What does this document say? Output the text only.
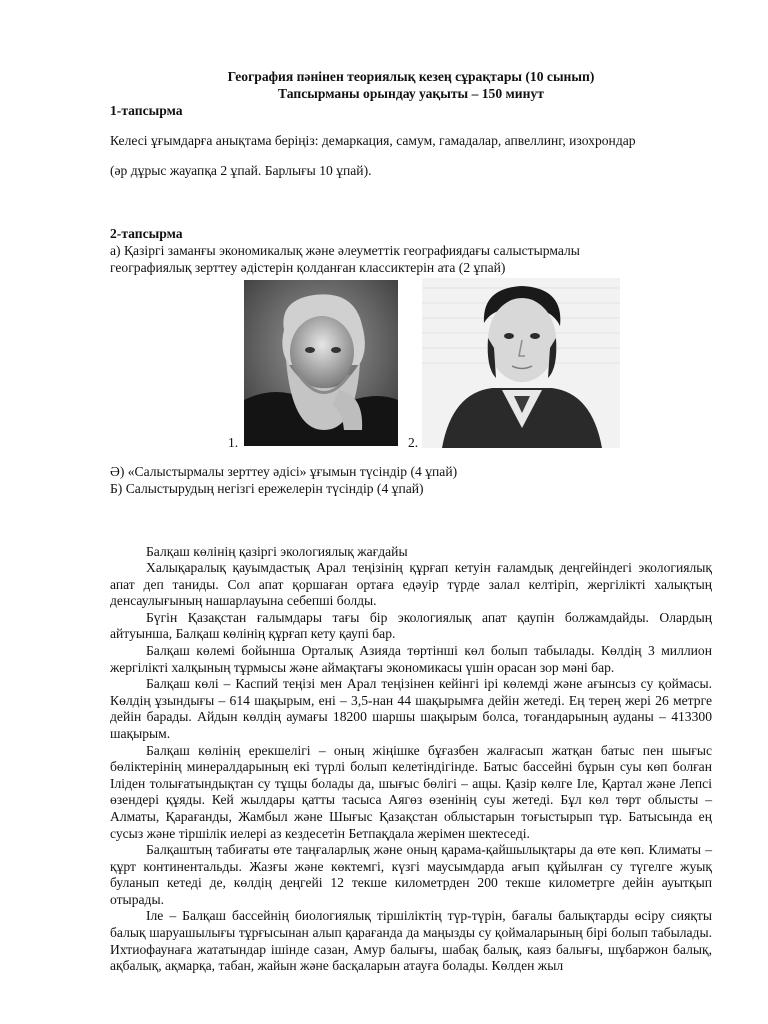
География пәнінен теориялық кезең сұрақтары (10 сынып)
Тапсырманы орындау уақыты – 150 минут
1-тапсырма
Келесі ұғымдарға анықтама беріңіз: демаркация, самум, гамадалар, апвеллинг, изохрондар
(әр дұрыс жауапқа 2 ұпай. Барлығы 10 ұпай).
2-тапсырма
а) Қазіргі заманғы экономикалық және әлеуметтік географиядағы салыстырмалы
географиялық зерттеу әдістерін қолданған классиктерін ата (2 ұпай)
1.	2.
Ә) «Салыстырмалы зерттеу әдісі» ұғымын түсіндір (4 ұпай)
Б) Салыстырудың негізгі ережелерін түсіндір (4 ұпай)
Балқаш көлінің қазіргі экологиялық жағдайы
Халықаралық қауымдастық Арал теңізінің құрғап кетуін ғаламдық деңгейіндегі экологиялық апат деп таниды. Сол апат қоршаған ортаға едәуір түрде залал келтіріп, жергілікті халықтың денсаулығының нашарлауына себепші болды.
Бүгін Қазақстан ғалымдары тағы бір экологиялық апат қаупін болжамдайды. Олардың айтуынша, Балқаш көлінің құрғап кету қаупі бар.
Балқаш көлемі бойынша Орталық Азияда төртінші көл болып табылады. Көлдің 3 миллион жергілікті халқының тұрмысы және аймақтағы экономикасы үшін орасан зор мәні бар.
Балқаш көлі – Каспий теңізі мен Арал теңізінен кейінгі ірі көлемді және ағынсыз су қоймасы. Көлдің ұзындығы – 614 шақырым, ені – 3,5-нан 44 шақырымға дейін жетеді. Ең терең жері 26 метрге дейін барады. Айдын көлдің аумағы 18200 шаршы шақырым болса, тоғандарының ауданы – 413300 шақырым.
Балқаш көлінің ерекшелігі – оның жіңішке бұғазбен жалғасып жатқан батыс пен шығыс бөліктерінің минералдарының екі түрлі болып келетіндігінде. Батыс бассейні бұрын суы көп болған Ілiден толығатындықтан су тұщы болады да, шығыс бөлігі – ащы. Қазір көлге Іле, Қартал және Лепсі өзендері құяды. Кей жылдары қатты тасыса Аягөз өзенінің суы жетеді. Бұл көл төрт облысты – Алматы, Қарағанды, Жамбыл және Шығыс Қазақстан облыстарын тоғыстырып тұр. Батысында ең сусыз және тіршілік иелері аз кездесетін Бетпақдала жерімен шектеседі.
Балқаштың табиғаты өте таңғаларлық және оның қарама-қайшылықтары да өте көп. Климаты – құрт континентальды. Жазғы және көктемгі, күзгі маусымдарда ағып құйылған су түгелге жуық буланып кетеді де, көлдің деңгейі 12 текше километрден 200 текше километрге дейін ауытқып отырады.
Іле – Балқаш бассейнің биологиялық тіршіліктің түр-түрін, бағалы балықтарды өсіру сияқты балық шаруашылығы тұрғысынан алып қарағанда да маңызды су қоймаларының бірі болып табылады. Ихтиофаунаға жататындар ішінде сазан, Амур балығы, шабақ балық, каяз балығы, шұбаржон балық, ақбалық, ақмарқа, табан, жайын және басқаларын атауға болады. Көлден жыл
